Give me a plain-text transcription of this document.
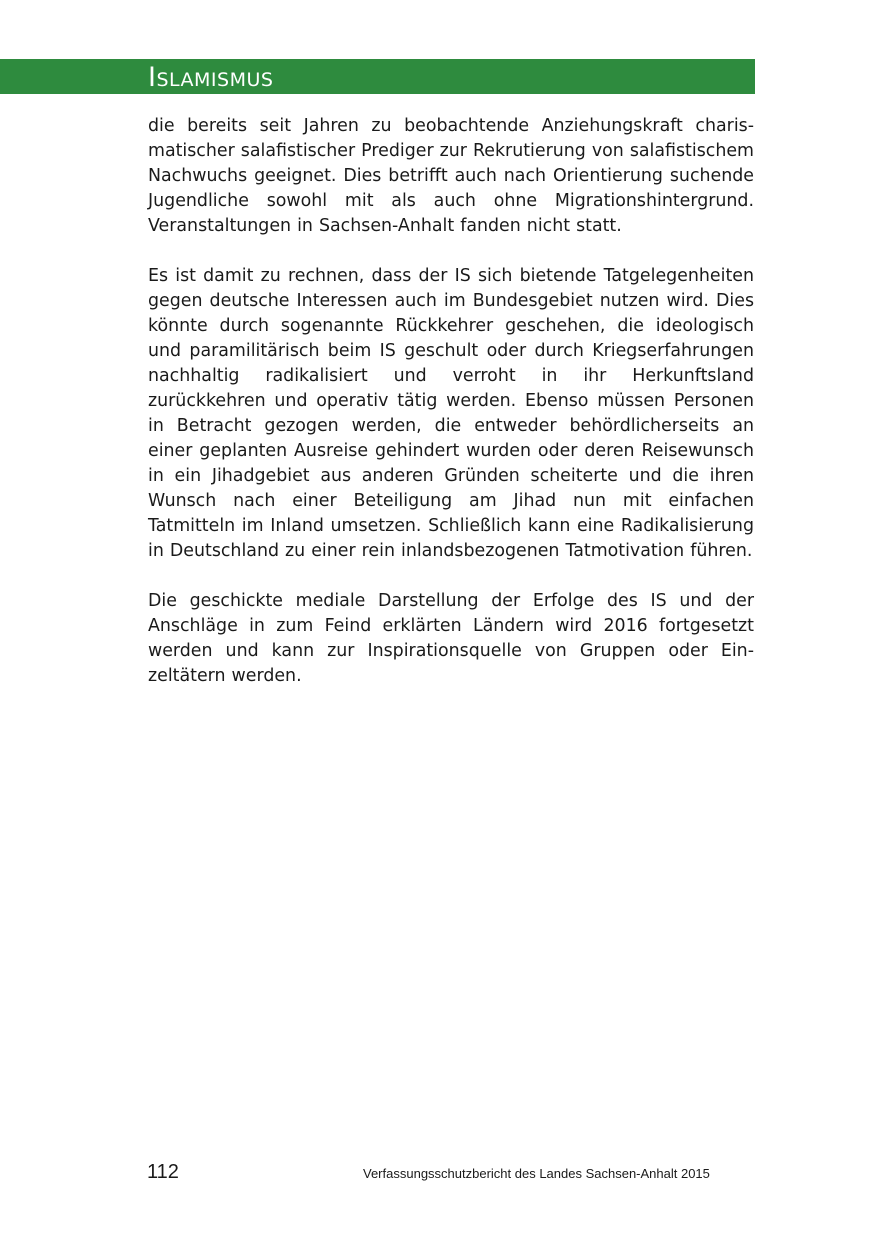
Islamismus

die bereits seit Jahren zu beobachtende Anziehungskraft charismatischer salafistischer Prediger zur Rekrutierung von salafistischem Nachwuchs geeignet. Dies betrifft auch nach Orientierung suchende Jugendliche sowohl mit als auch ohne Migrationshintergrund. Veranstaltungen in Sachsen-Anhalt fanden nicht statt.

Es ist damit zu rechnen, dass der IS sich bietende Tatgelegenheiten gegen deutsche Interessen auch im Bundesgebiet nutzen wird. Dies könnte durch sogenannte Rückkehrer geschehen, die ideologisch und paramilitärisch beim IS geschult oder durch Kriegserfahrungen nachhaltig radikalisiert und verroht in ihr Herkunftsland zurückkehren und operativ tätig werden. Ebenso müssen Personen in Betracht gezogen werden, die entweder behördlicherseits an einer geplanten Ausreise gehindert wurden oder deren Reisewunsch in ein Jihadgebiet aus anderen Gründen scheiterte und die ihren Wunsch nach einer Beteiligung am Jihad nun mit einfachen Tatmitteln im Inland umsetzen. Schließlich kann eine Radikalisierung in Deutschland zu einer rein inlandsbezogenen Tatmotivation führen.

Die geschickte mediale Darstellung der Erfolge des IS und der Anschläge in zum Feind erklärten Ländern wird 2016 fortgesetzt werden und kann zur Inspirationsquelle von Gruppen oder Einzeltätern werden.

112	Verfassungsschutzbericht des Landes Sachsen-Anhalt 2015
